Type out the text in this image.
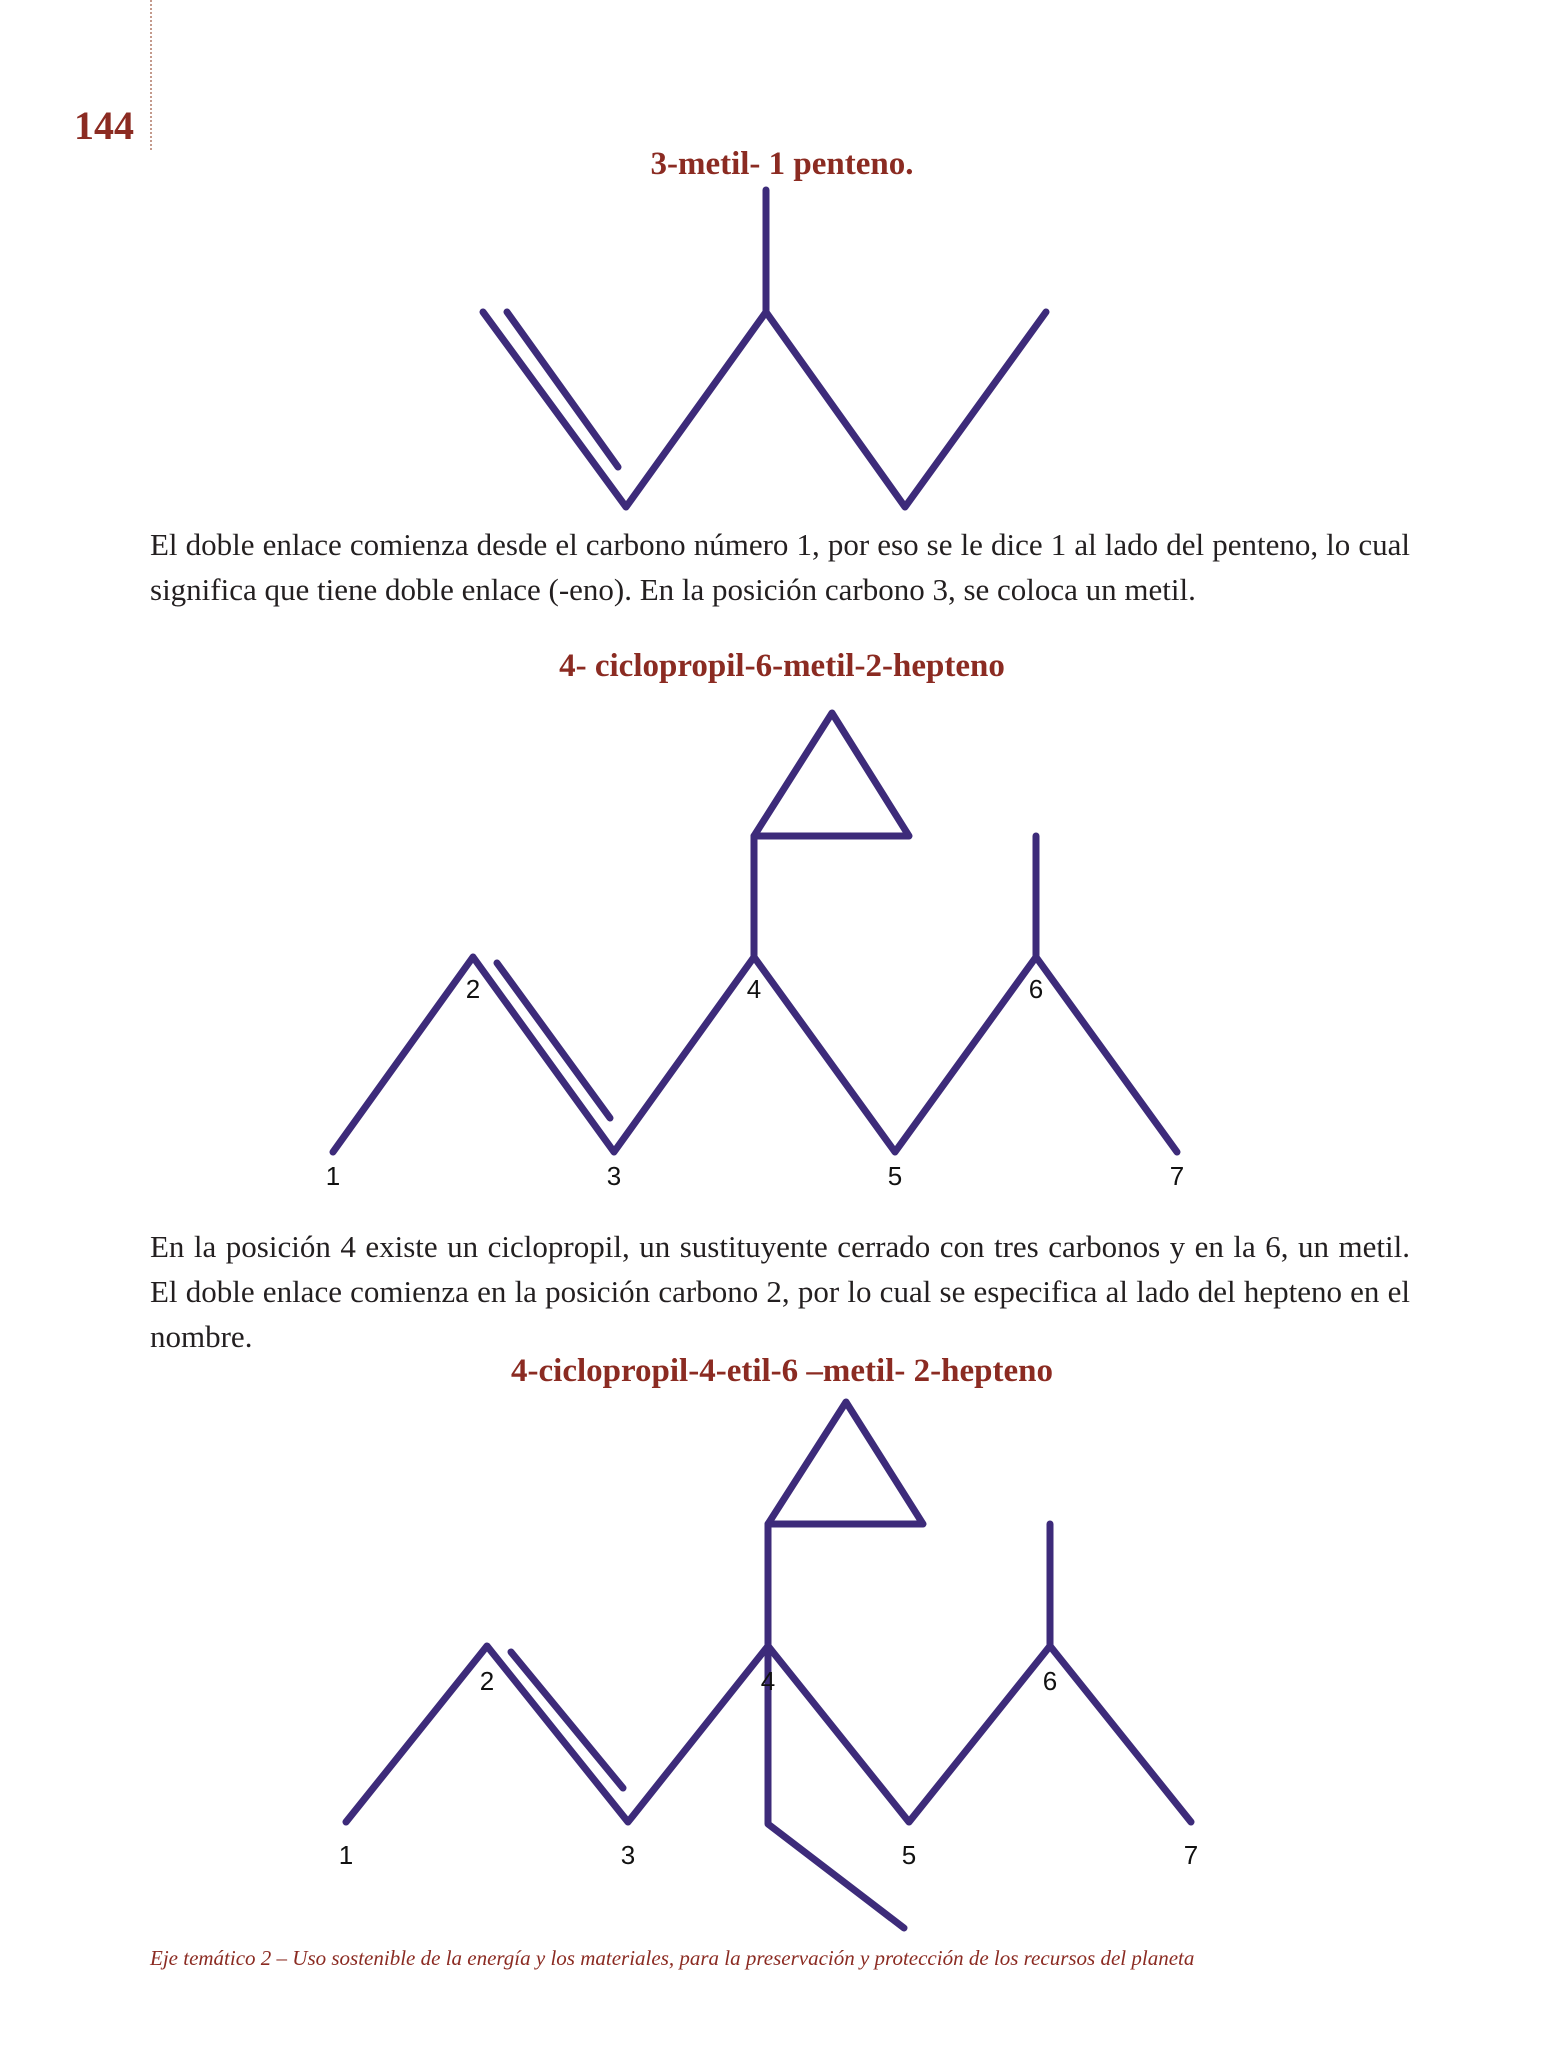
144
3-metil- 1 penteno.

El doble enlace comienza desde el carbono número 1, por eso se le dice 1 al lado del penteno, lo cual significa que tiene doble enlace (-eno). En la posición carbono 3, se coloca un metil.

4- ciclopropil-6-metil-2-hepteno
1
2
3
4
5
6
7

En la posición 4 existe un ciclopropil, un sustituyente cerrado con tres carbonos y en la 6, un metil. El doble enlace comienza en la posición carbono 2, por lo cual se especifica al lado del hepteno en el nombre.

4-ciclopropil-4-etil-6 –metil- 2-hepteno
1
2
3
4
5
6
7
Eje temático 2 – Uso sostenible de la energía y los materiales, para la preservación y protección de los recursos del planeta
